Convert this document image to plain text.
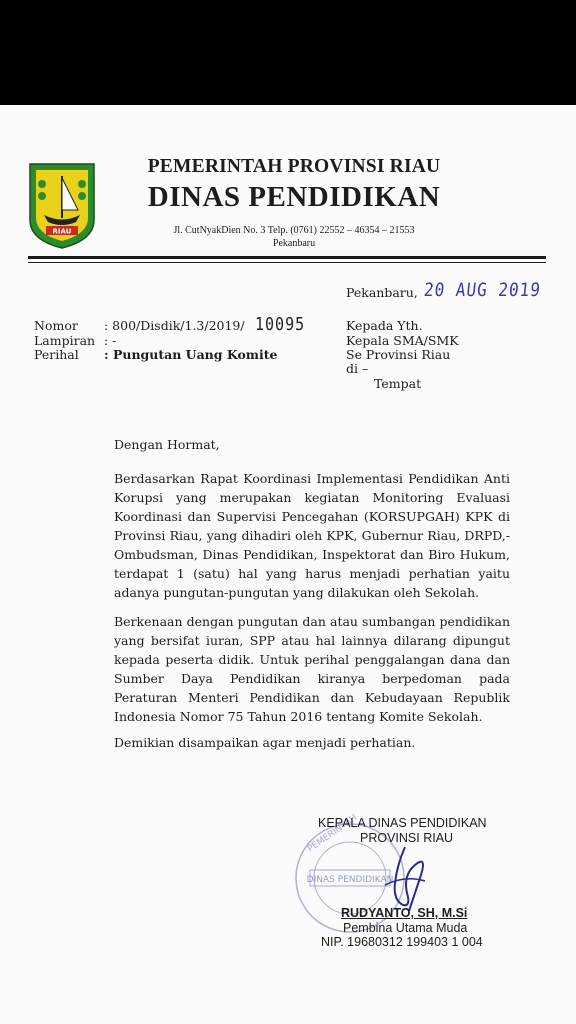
RIAU
PEMERINTAH PROVINSI RIAU
DINAS PENDIDIKAN
Jl. CutNyakDien No. 3 Telp. (0761) 22552 – 46354 – 21553
Pekanbaru
Pekanbaru, 20 AUG 2019
Nomor : 800/Disdik/1.3/2019/ 10095
Lampiran : -
Perihal : Pungutan Uang Komite
Kepada Yth.
Kepala SMA/SMK
Se Provinsi Riau
di –
Tempat
Dengan Hormat,
Berdasarkan Rapat Koordinasi Implementasi Pendidikan Anti Korupsi yang merupakan kegiatan Monitoring Evaluasi Koordinasi dan Supervisi Pencegahan (KORSUPGAH) KPK di Provinsi Riau, yang dihadiri oleh KPK, Gubernur Riau, DRPD,- Ombudsman, Dinas Pendidikan, Inspektorat dan Biro Hukum, terdapat 1 (satu) hal yang harus menjadi perhatian yaitu adanya pungutan-pungutan yang dilakukan oleh Sekolah.
Berkenaan dengan pungutan dan atau sumbangan pendidikan yang bersifat iuran, SPP atau hal lainnya dilarang dipungut kepada peserta didik. Untuk perihal penggalangan dana dan Sumber Daya Pendidikan kiranya berpedoman pada Peraturan Menteri Pendidikan dan Kebudayaan Republik Indonesia Nomor 75 Tahun 2016 tentang Komite Sekolah.
Demikian disampaikan agar menjadi perhatian.
PEMERINTAH
DINAS PENDIDIKAN
KEPALA DINAS PENDIDIKAN
PROVINSI RIAU
RUDYANTO, SH, M.Si
Pembina Utama Muda
NIP. 19680312 199403 1 004
